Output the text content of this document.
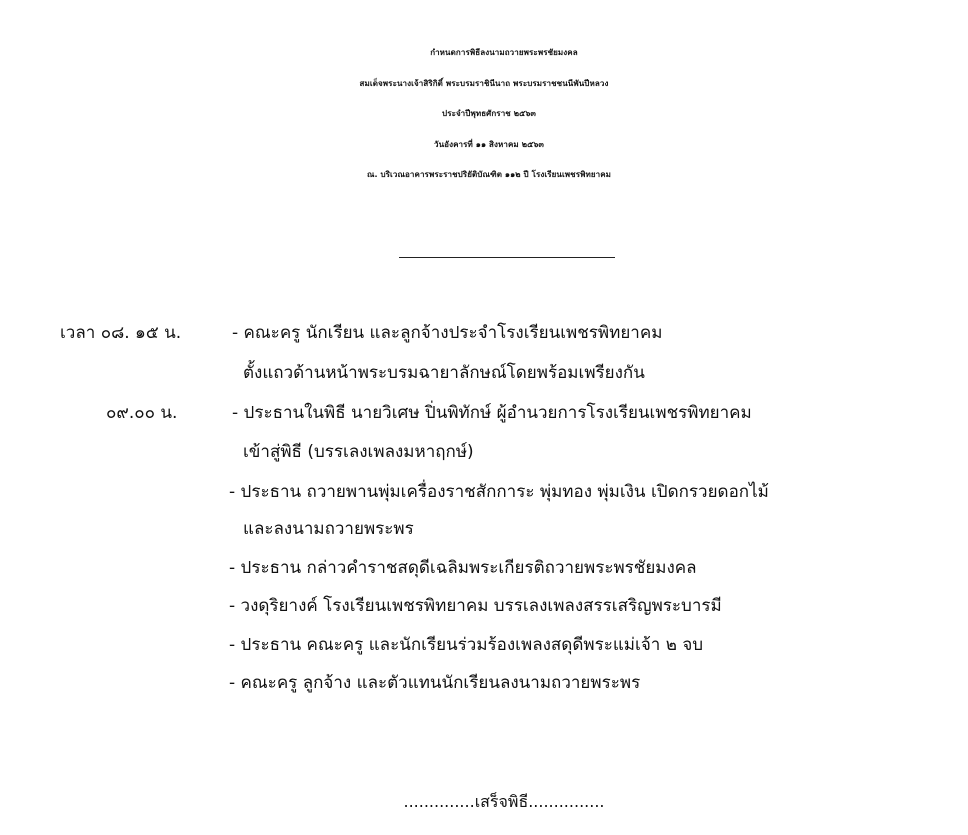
กำหนดการพิธีลงนามถวายพระพรชัยมงคล
สมเด็จพระนางเจ้าสิริกิติ์ พระบรมราชินีนาถ พระบรมราชชนนีพันปีหลวง
ประจำปีพุทธศักราช ๒๕๖๓
วันอังคารที่ ๑๑ สิงหาคม ๒๕๖๓
ณ. บริเวณอาคารพระราชปริยัติบัณฑิต ๑๑๒ ปี โรงเรียนเพชรพิทยาคม
เวลา ๐๘. ๑๕ น.	- คณะครู นักเรียน และลูกจ้างประจำโรงเรียนเพชรพิทยาคม
ตั้งแถวด้านหน้าพระบรมฉายาลักษณ์โดยพร้อมเพรียงกัน
๐๙.๐๐ น.	- ประธานในพิธี นายวิเศษ ปิ่นพิทักษ์ ผู้อำนวยการโรงเรียนเพชรพิทยาคม
เข้าสู่พิธี (บรรเลงเพลงมหาฤกษ์)
- ประธาน ถวายพานพุ่มเครื่องราชสักการะ พุ่มทอง พุ่มเงิน เปิดกรวยดอกไม้
และลงนามถวายพระพร
- ประธาน กล่าวคำราชสดุดีเฉลิมพระเกียรติถวายพระพรชัยมงคล
- วงดุริยางค์ โรงเรียนเพชรพิทยาคม บรรเลงเพลงสรรเสริญพระบารมี
- ประธาน คณะครู และนักเรียนร่วมร้องเพลงสดุดีพระแม่เจ้า ๒ จบ
- คณะครู ลูกจ้าง และตัวแทนนักเรียนลงนามถวายพระพร
..............เสร็จพิธี...............
